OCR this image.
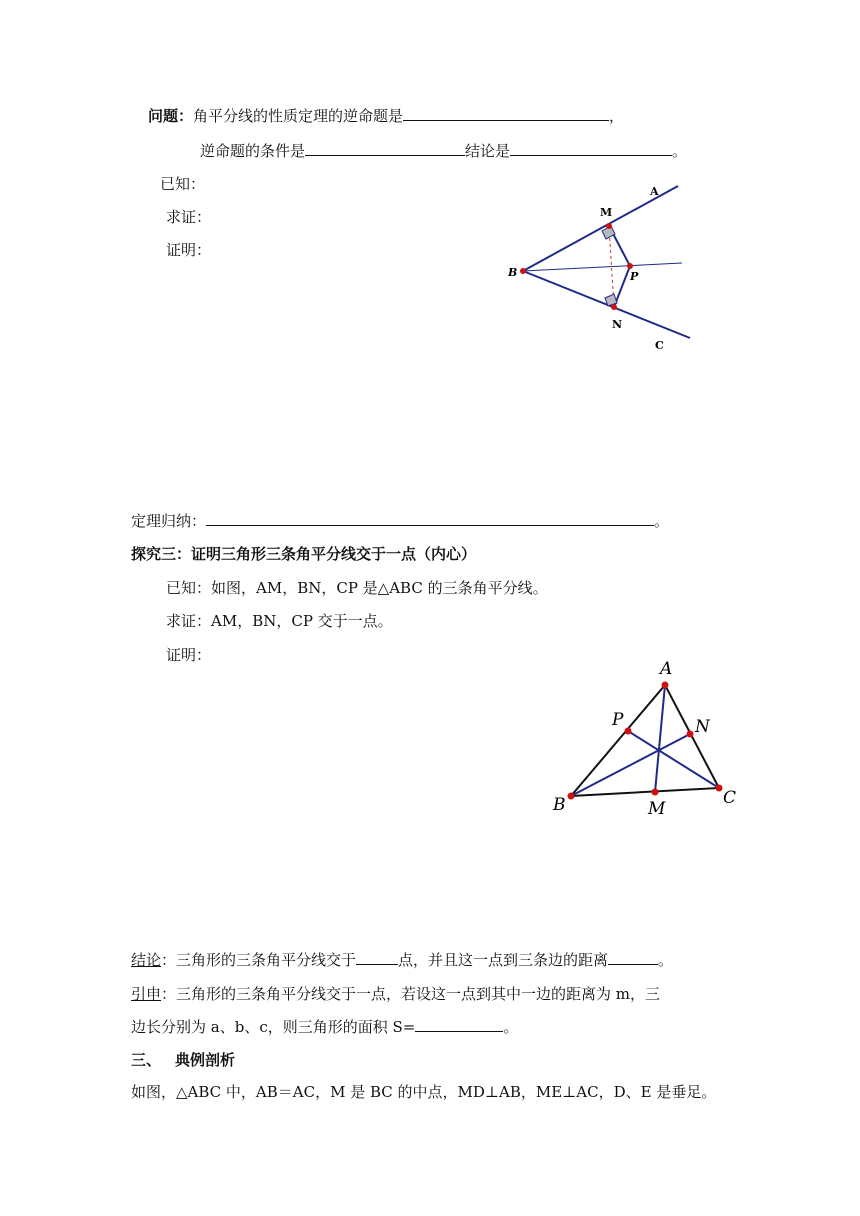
问题：角平分线的性质定理的逆命题是	，
逆命题的条件是	结论是	。
已知：
求证：
证明：
A
M
B	P
N
C
定理归纳：	。
探究三：证明三角形三条角平分线交于一点（内心）
已知：如图，AM，BN，CP 是△ABC 的三条角平分线。
求证：AM，BN，CP 交于一点。
证明：
A
P	N
B	M
C
结论：三角形的三条角平分线交于	点，并且这一点到三条边的距离	。
引申：三角形的三条角平分线交于一点，若设这一点到其中一边的距离为 m，三
边长分别为 a、b、c，则三角形的面积 S=	。
三、 典例剖析
如图，△ABC 中，AB＝AC，M 是 BC 的中点，MD⊥AB，ME⊥AC，D、E 是垂足。
